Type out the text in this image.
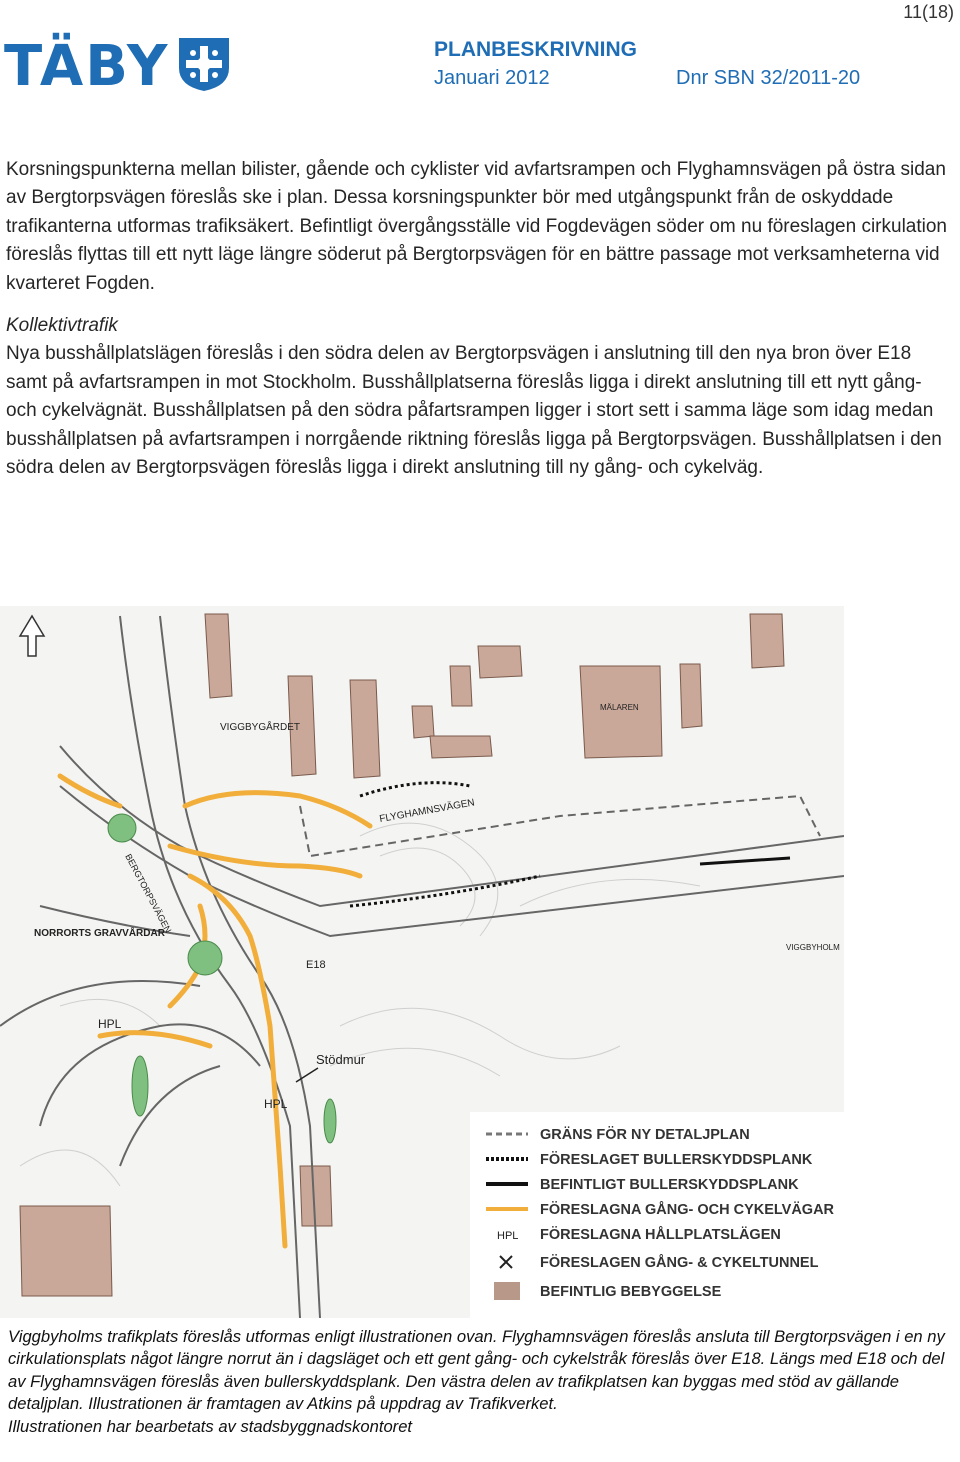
11(18)
TÄBY	PLANBESKRIVNING
Januari 2012	Dnr SBN 32/2011-20

Korsningspunkterna mellan bilister, gående och cyklister vid avfartsrampen och Flyghamnsvägen på östra sidan av Bergtorpsvägen föreslås ske i plan. Dessa korsningspunkter bör med utgångspunkt från de oskyddade trafikanterna utformas trafiksäkert. Befintligt övergångsställe vid Fogdevägen söder om nu föreslagen cirkulation föreslås flyttas till ett nytt läge längre söderut på Bergtorpsvägen för en bättre passage mot verksamheterna vid kvarteret Fogden.

Kollektivtrafik

Nya busshållplatslägen föreslås i den södra delen av Bergtorpsvägen i anslutning till den nya bron över E18 samt på avfartsrampen in mot Stockholm. Busshållplatserna föreslås ligga i direkt anslutning till ett nytt gång- och cykelvägnät. Busshållplatsen på den södra påfartsrampen ligger i stort sett i samma läge som idag medan busshållplatsen på avfartsrampen i norrgående riktning föreslås ligga på Bergtorpsvägen. Busshållplatsen i den södra delen av Bergtorpsvägen föreslås ligga i direkt anslutning till ny gång- och cykelväg.

VIGGBYGÅRDET
FLYGHAMNSVÄGEN
BERGTORPSVÄGEN
NORRORTS GRAVVÅRDAR
E18
HPL
HPL
Stödmur
MÄLAREN
VIGGBYHOLM
GRÄNS FÖR NY DETALJPLAN
FÖRESLAGET BULLERSKYDDSPLANK
BEFINTLIGT BULLERSKYDDSPLANK
FÖRESLAGNA GÅNG- OCH CYKELVÄGAR
HPL FÖRESLAGNA HÅLLPLATSLÄGEN
FÖRESLAGEN GÅNG- & CYKELTUNNEL
BEFINTLIG BEBYGGELSE

Viggbyholms trafikplats föreslås utformas enligt illustrationen ovan. Flyghamnsvägen föreslås ansluta till Bergtorpsvägen i en ny cirkulationsplats något längre norrut än i dagsläget och ett gent gång- och cykelstråk föreslås över E18. Längs med E18 och del av Flyghamnsvägen föreslås även bullerskyddsplank. Den västra delen av trafikplatsen kan byggas med stöd av gällande detaljplan. Illustrationen är framtagen av Atkins på uppdrag av Trafikverket.

Illustrationen har bearbetats av stadsbyggnadskontoret
